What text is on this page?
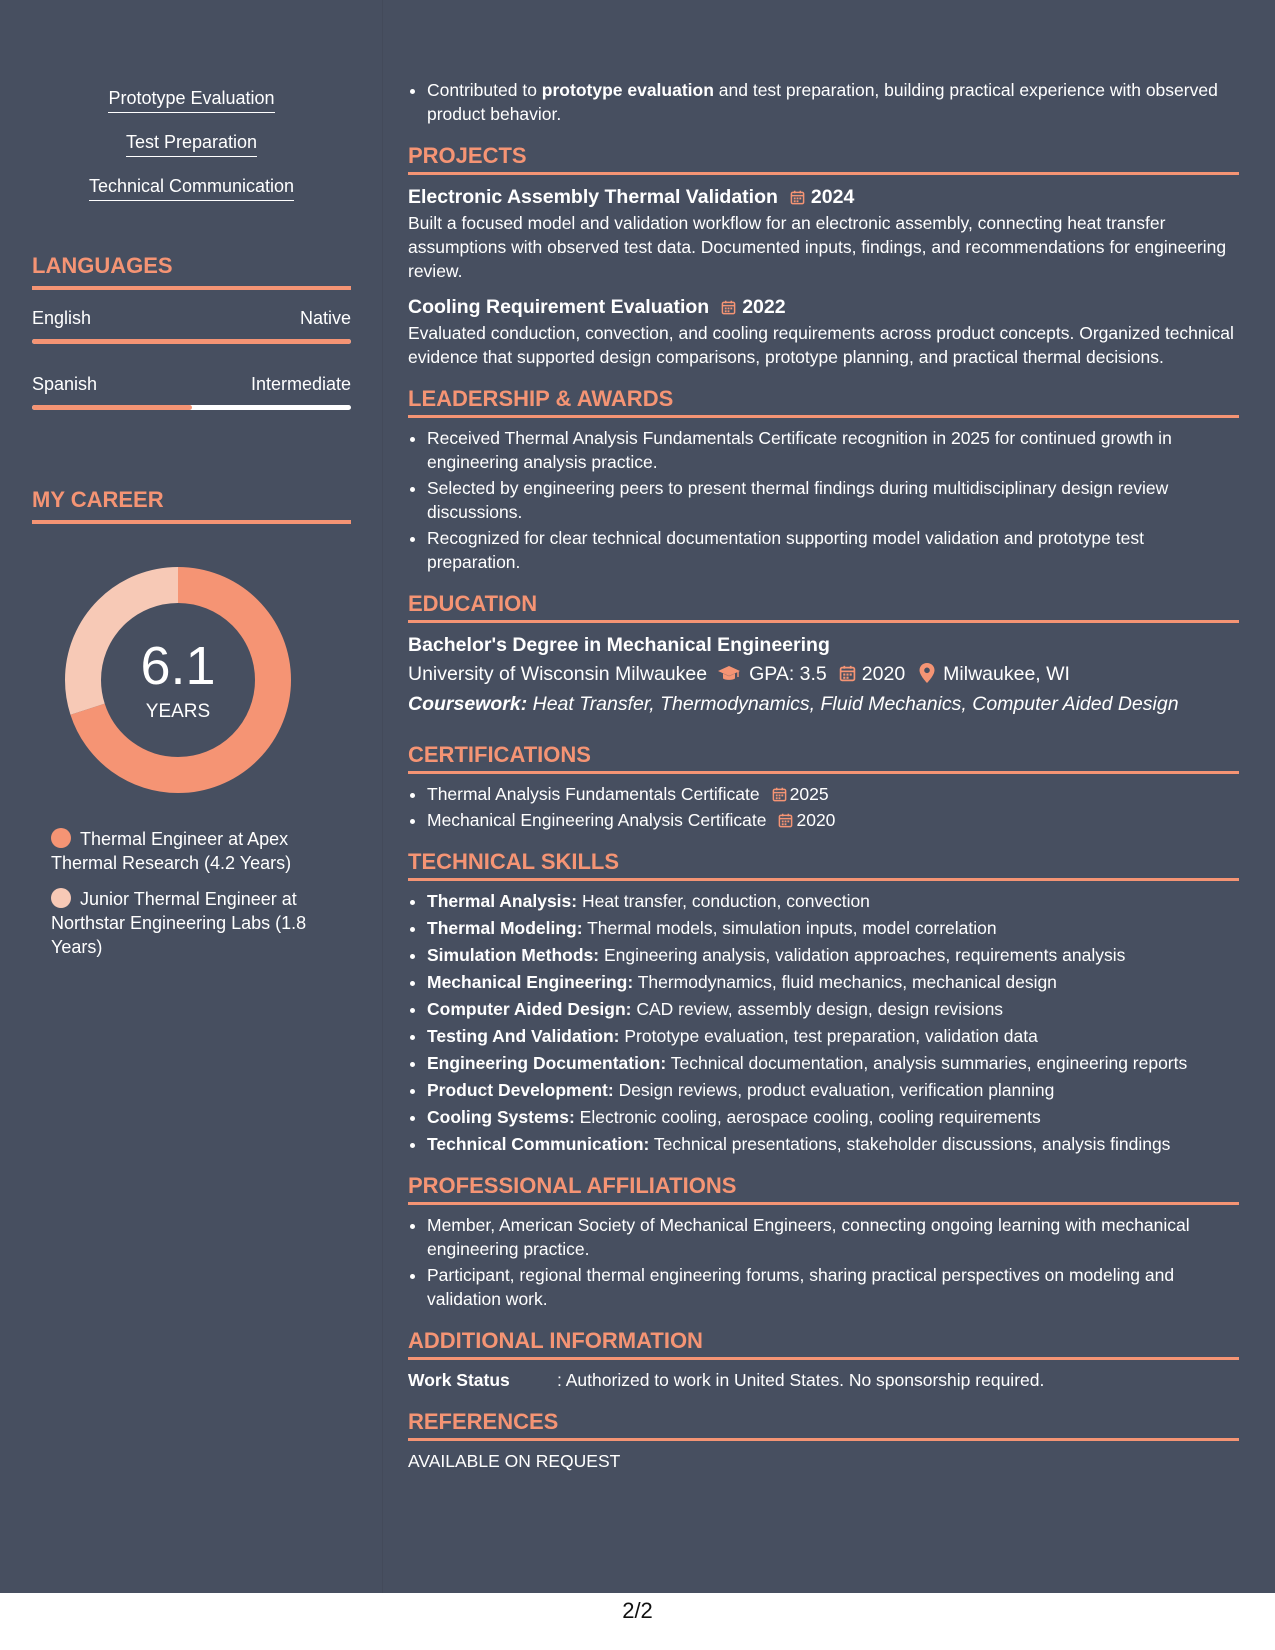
Prototype Evaluation
Test Preparation
Technical Communication
LANGUAGES
English	Native
Spanish	Intermediate
MY CAREER
6.1
YEARS
Thermal Engineer at Apex Thermal Research (4.2 Years)
Junior Thermal Engineer at Northstar Engineering Labs (1.8 Years)
• Contributed to prototype evaluation and test preparation, building practical experience with observed product behavior.
PROJECTS
Electronic Assembly Thermal Validation 2024
Built a focused model and validation workflow for an electronic assembly, connecting heat transfer assumptions with observed test data. Documented inputs, findings, and recommendations for engineering review.
Cooling Requirement Evaluation 2022
Evaluated conduction, convection, and cooling requirements across product concepts. Organized technical evidence that supported design comparisons, prototype planning, and practical thermal decisions.
LEADERSHIP & AWARDS
• Received Thermal Analysis Fundamentals Certificate recognition in 2025 for continued growth in engineering analysis practice.
• Selected by engineering peers to present thermal findings during multidisciplinary design review discussions.
• Recognized for clear technical documentation supporting model validation and prototype test preparation.
EDUCATION
Bachelor's Degree in Mechanical Engineering
University of Wisconsin Milwaukee GPA: 3.5 2020 Milwaukee, WI
Coursework: Heat Transfer, Thermodynamics, Fluid Mechanics, Computer Aided Design
CERTIFICATIONS
• Thermal Analysis Fundamentals Certificate 2025
• Mechanical Engineering Analysis Certificate 2020
TECHNICAL SKILLS
• Thermal Analysis: Heat transfer, conduction, convection
• Thermal Modeling: Thermal models, simulation inputs, model correlation
• Simulation Methods: Engineering analysis, validation approaches, requirements analysis
• Mechanical Engineering: Thermodynamics, fluid mechanics, mechanical design
• Computer Aided Design: CAD review, assembly design, design revisions
• Testing And Validation: Prototype evaluation, test preparation, validation data
• Engineering Documentation: Technical documentation, analysis summaries, engineering reports
• Product Development: Design reviews, product evaluation, verification planning
• Cooling Systems: Electronic cooling, aerospace cooling, cooling requirements
• Technical Communication: Technical presentations, stakeholder discussions, analysis findings
PROFESSIONAL AFFILIATIONS
• Member, American Society of Mechanical Engineers, connecting ongoing learning with mechanical engineering practice.
• Participant, regional thermal engineering forums, sharing practical perspectives on modeling and validation work.
ADDITIONAL INFORMATION
Work Status	: Authorized to work in United States. No sponsorship required.
REFERENCES
AVAILABLE ON REQUEST
2/2
